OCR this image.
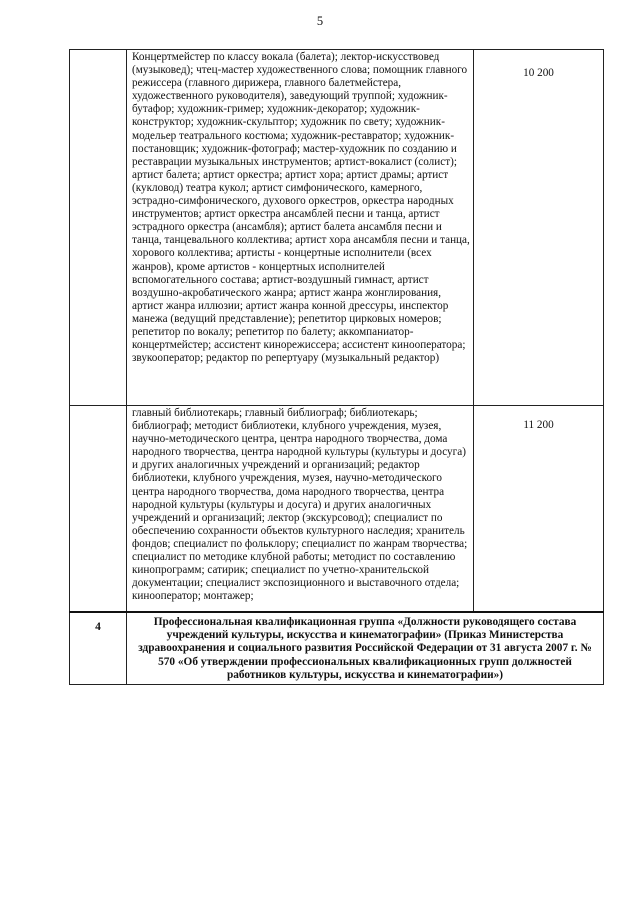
5

	Концертмейстер по классу вокала (балета); лектор-искусствовед (музыковед); чтец-мастер художественного слова; помощник главного режиссера (главного дирижера, главного балетмейстера, художественного руководителя), заведующий труппой; художник-бутафор; художник-гример; художник-декоратор; художник-конструктор; художник-скульптор; художник по свету; художник-модельер театрального костюма; художник-реставратор; художник-постановщик; художник-фотограф; мастер-художник по созданию и реставрации музыкальных инструментов; артист-вокалист (солист); артист балета; артист оркестра; артист хора; артист драмы; артист (кукловод) театра кукол; артист симфонического, камерного, эстрадно-симфонического, духового оркестров, оркестра народных инструментов; артист оркестра ансамблей песни и танца, артист эстрадного оркестра (ансамбля); артист балета ансамбля песни и танца, танцевального коллектива; артист хора ансамбля песни и танца, хорового коллектива; артисты - концертные исполнители (всех жанров), кроме артистов - концертных исполнителей вспомогательного состава; артист-воздушный гимнаст, артист воздушно-акробатического жанра; артист жанра жонглирования, артист жанра иллюзии; артист жанра конной дрессуры, инспектор манежа (ведущий представление); репетитор цирковых номеров; репетитор по вокалу; репетитор по балету; аккомпаниатор-концертмейстер; ассистент кинорежиссера; ассистент кинооператора; звукооператор; редактор по репертуару (музыкальный редактор)	10 200

	главный библиотекарь; главный библиограф; библиотекарь; библиограф; методист библиотеки, клубного учреждения, музея, научно-методического центра, центра народного творчества, дома народного творчества, центра народной культуры (культуры и досуга) и других аналогичных учреждений и организаций; редактор библиотеки, клубного учреждения, музея, научно-методического центра народного творчества, дома народного творчества, центра народной культуры (культуры и досуга) и других аналогичных учреждений и организаций; лектор (экскурсовод); специалист по обеспечению сохранности объектов культурного наследия; хранитель фондов; специалист по фольклору; специалист по жанрам творчества; специалист по методике клубной работы; методист по составлению кинопрограмм; сатирик; специалист по учетно-хранительской документации; специалист экспозиционного и выставочного отдела; кинооператор; монтажер;	11 200

4	Профессиональная квалификационная группа «Должности руководящего состава учреждений культуры, искусства и кинематографии» (Приказ Министерства здравоохранения и социального развития Российской Федерации от 31 августа 2007 г. № 570 «Об утверждении профессиональных квалификационных групп должностей работников культуры, искусства и кинематографии»)	
